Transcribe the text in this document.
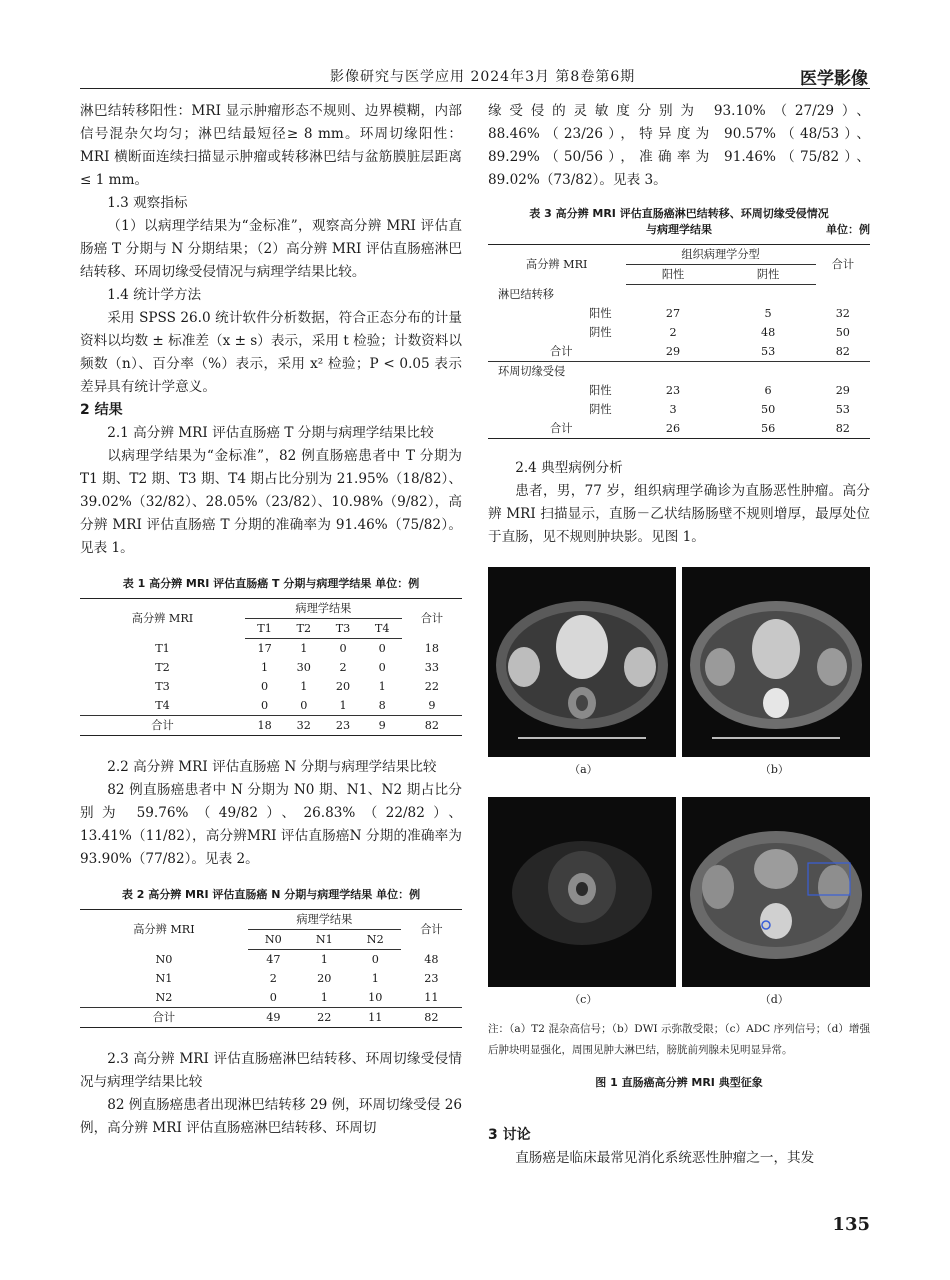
影像研究与医学应用 2024年3月 第8卷第6期	医学影像

淋巴结转移阳性：MRI 显示肿瘤形态不规则、边界模糊，内部信号混杂欠均匀；淋巴结最短径≥ 8 mm。环周切缘阳性：MRI 横断面连续扫描显示肿瘤或转移淋巴结与盆筋膜脏层距离≤ 1 mm。

1.3 观察指标

（1）以病理学结果为“金标准”，观察高分辨 MRI 评估直肠癌 T 分期与 N 分期结果；（2）高分辨 MRI 评估直肠癌淋巴结转移、环周切缘受侵情况与病理学结果比较。

1.4 统计学方法

采用 SPSS 26.0 统计软件分析数据，符合正态分布的计量资料以均数 ± 标准差（x ± s）表示，采用 t 检验；计数资料以频数（n）、百分率（%）表示，采用 x² 检验；P < 0.05 表示差异具有统计学意义。

2 结果

2.1 高分辨 MRI 评估直肠癌 T 分期与病理学结果比较

以病理学结果为“金标准”，82 例直肠癌患者中 T 分期为 T1 期、T2 期、T3 期、T4 期占比分别为 21.95%（18/82）、39.02%（32/82）、28.05%（23/82）、10.98%（9/82），高分辨 MRI 评估直肠癌 T 分期的准确率为 91.46%（75/82）。见表 1。

表 1 高分辨 MRI 评估直肠癌 T 分期与病理学结果 单位：例
高分辨 MRI	病理学结果				合计
	T1	T2	T3	T4	
T1	17	1	0	0	18
T2	1	30	2	0	33
T3	0	1	20	1	22
T4	0	0	1	8	9
合计	18	32	23	9	82

2.2 高分辨 MRI 评估直肠癌 N 分期与病理学结果比较

82 例直肠癌患者中 N 分期为 N0 期、N1、N2 期占比分别为 59.76%（49/82）、26.83%（22/82）、13.41%（11/82），高分辨MRI 评估直肠癌N 分期的准确率为93.90%（77/82）。见表 2。

表 2 高分辨 MRI 评估直肠癌 N 分期与病理学结果 单位：例
高分辨 MRI	病理学结果			合计
	N0	N1	N2	
N0	47	1	0	48
N1	2	20	1	23
N2	0	1	10	11
合计	49	22	11	82

2.3 高分辨 MRI 评估直肠癌淋巴结转移、环周切缘受侵情况与病理学结果比较

82 例直肠癌患者出现淋巴结转移 29 例，环周切缘受侵 26 例，高分辨 MRI 评估直肠癌淋巴结转移、环周切

缘受侵的灵敏度分别为 93.10%（27/29）、88.46%（23/26），特异度为 90.57%（48/53）、89.29%（50/56），准确率为 91.46%（75/82）、89.02%（73/82）。见表 3。

表 3 高分辨 MRI 评估直肠癌淋巴结转移、环周切缘受侵情况
与病理学结果	单位：例
高分辨 MRI	组织病理学分型		合计
	阳性	阴性	
淋巴结转移			
阳性	27	5	32
阴性	2	48	50
合计	29	53	82
环周切缘受侵			
阳性	23	6	29
阴性	3	50	53
合计	26	56	82

2.4 典型病例分析

患者，男，77 岁，组织病理学确诊为直肠恶性肿瘤。高分辨 MRI 扫描显示，直肠－乙状结肠肠壁不规则增厚，最厚处位于直肠，见不规则肿块影。见图 1。

（a）	（b）
（c）	（d）

注：（a）T2 混杂高信号；（b）DWI 示弥散受限；（c）ADC 序列信号；（d）增强后肿块明显强化，周围见肿大淋巴结，膀胱前列腺未见明显异常。

图 1 直肠癌高分辨 MRI 典型征象

3 讨论

直肠癌是临床最常见消化系统恶性肿瘤之一，其发

135
